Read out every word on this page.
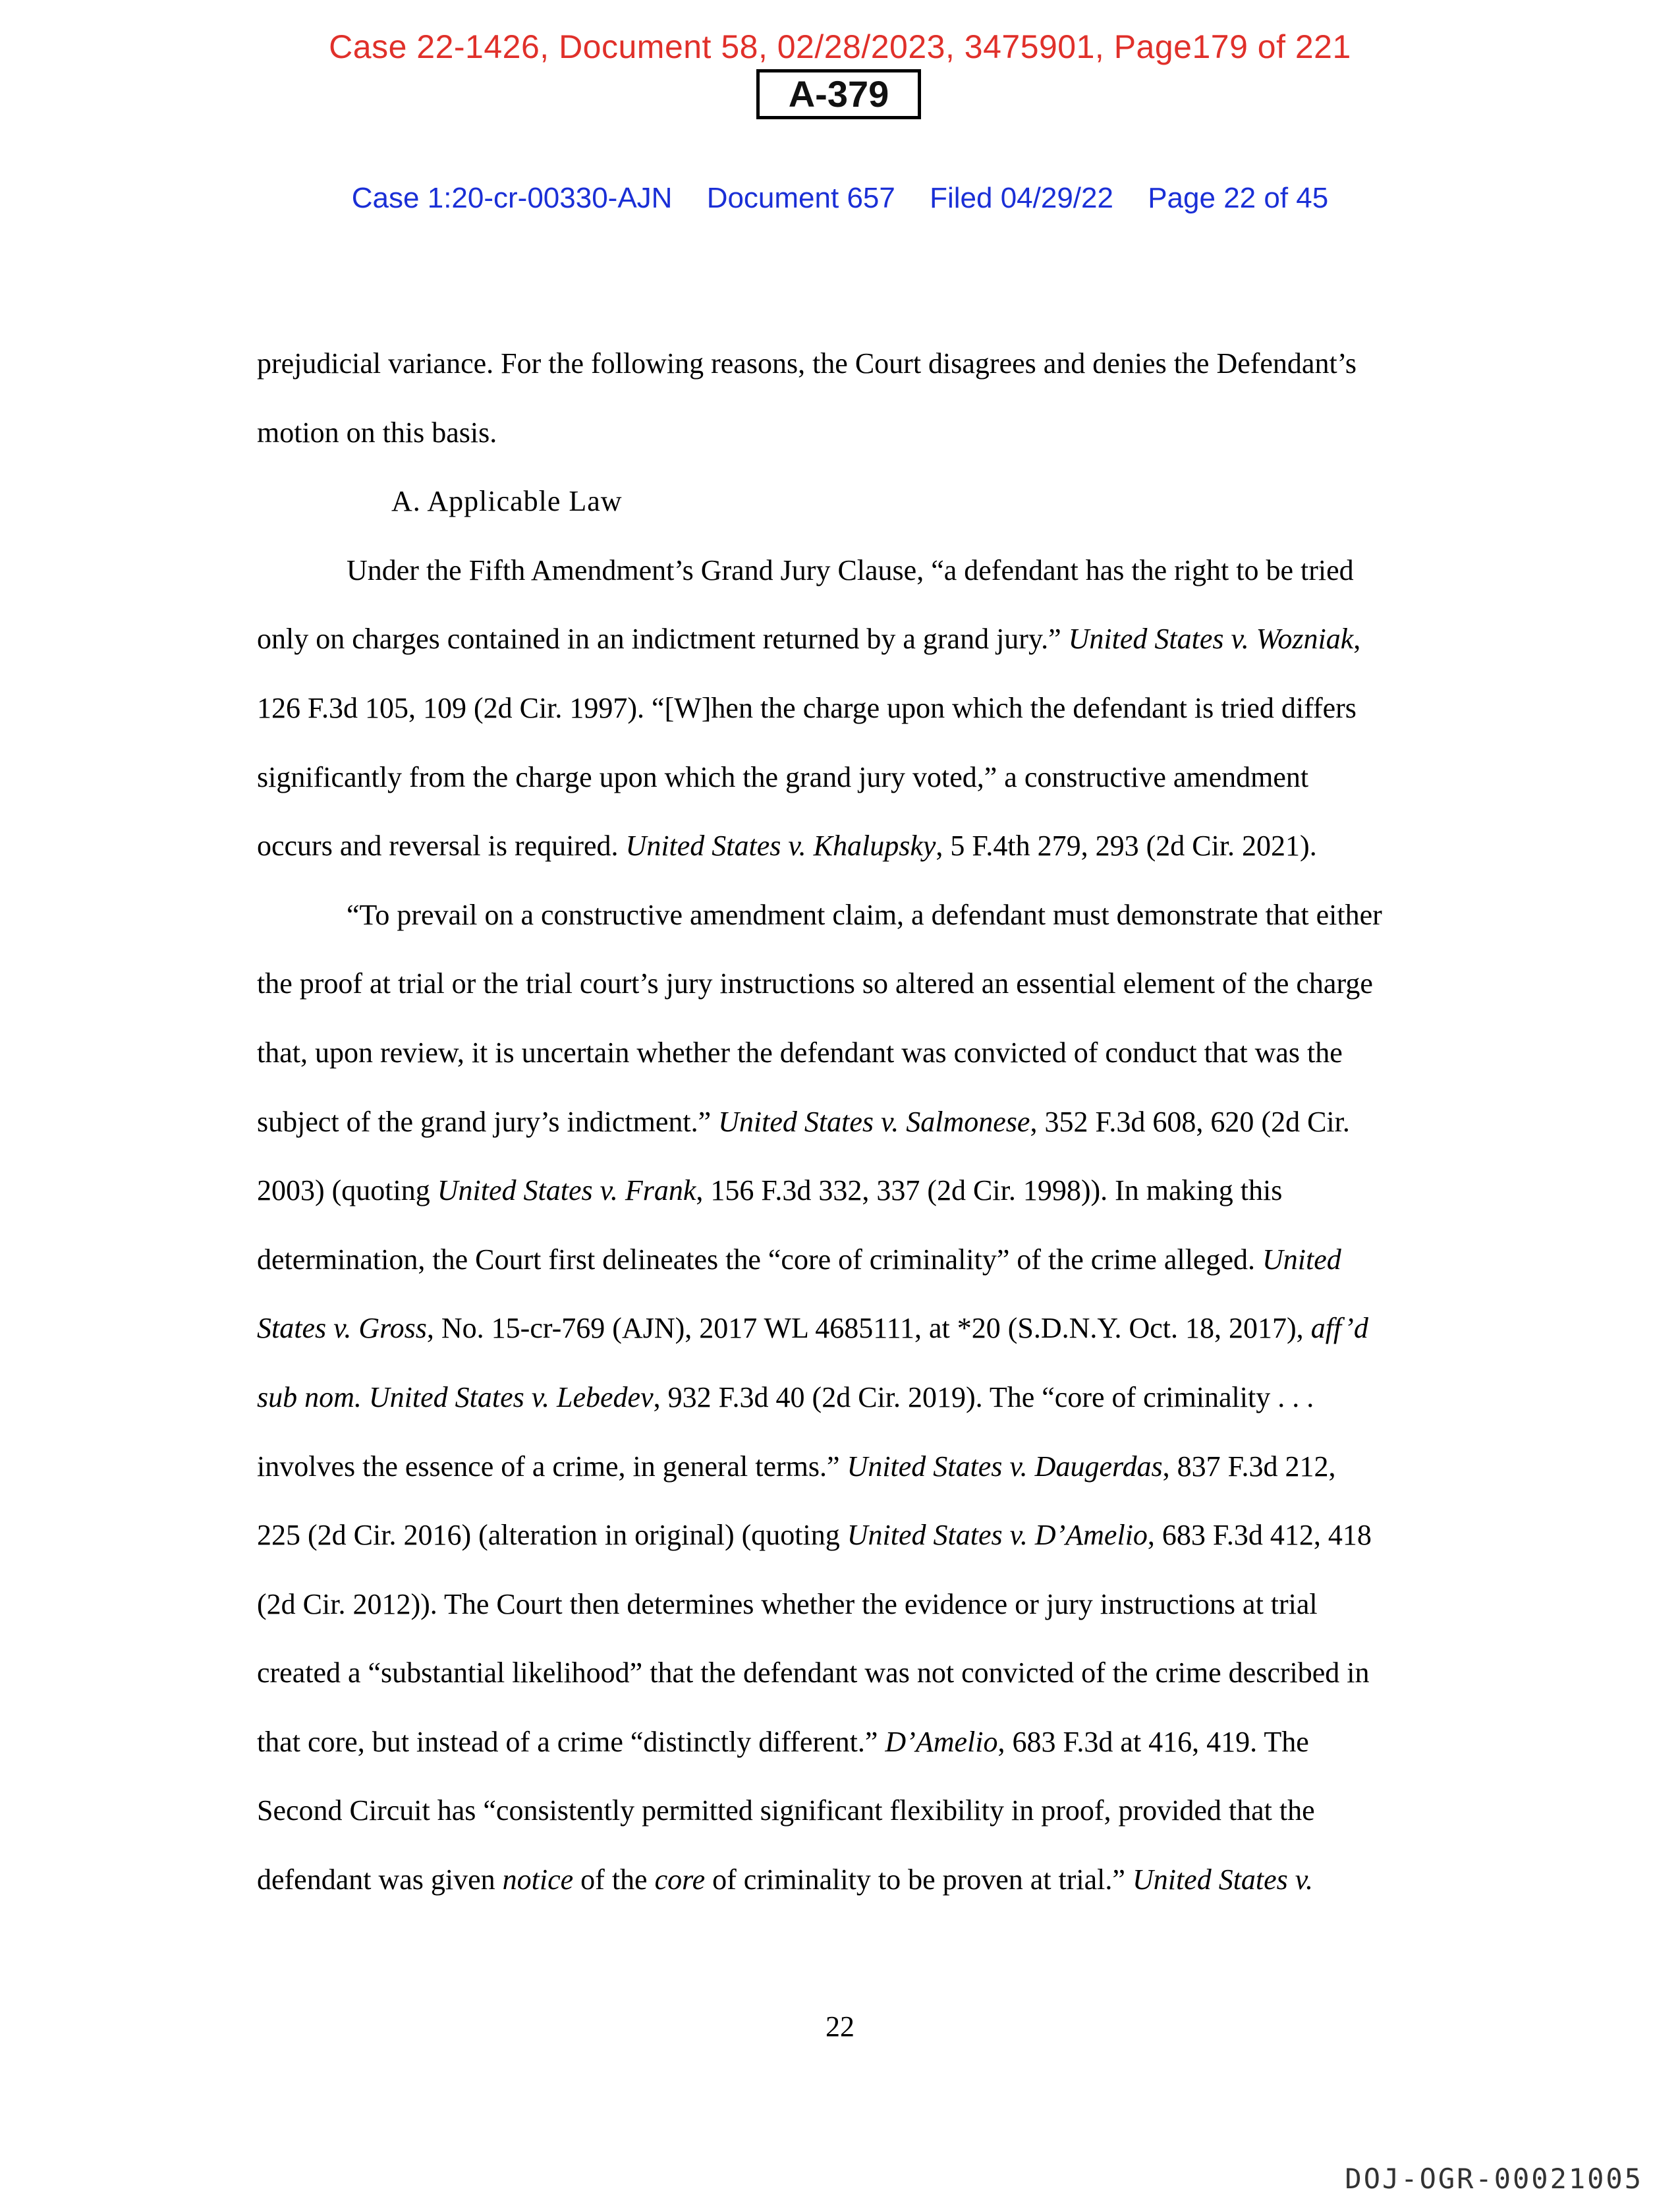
Case 22-1426, Document 58, 02/28/2023, 3475901, Page179 of 221
A-379
Case 1:20-cr-00330-AJN Document 657 Filed 04/29/22 Page 22 of 45
prejudicial variance. For the following reasons, the Court disagrees and denies the Defendant’s
motion on this basis.
A. Applicable Law
Under the Fifth Amendment’s Grand Jury Clause, “a defendant has the right to be tried
only on charges contained in an indictment returned by a grand jury.” United States v. Wozniak,
126 F.3d 105, 109 (2d Cir. 1997). “[W]hen the charge upon which the defendant is tried differs
significantly from the charge upon which the grand jury voted,” a constructive amendment
occurs and reversal is required. United States v. Khalupsky, 5 F.4th 279, 293 (2d Cir. 2021).
“To prevail on a constructive amendment claim, a defendant must demonstrate that either
the proof at trial or the trial court’s jury instructions so altered an essential element of the charge
that, upon review, it is uncertain whether the defendant was convicted of conduct that was the
subject of the grand jury’s indictment.” United States v. Salmonese, 352 F.3d 608, 620 (2d Cir.
2003) (quoting United States v. Frank, 156 F.3d 332, 337 (2d Cir. 1998)). In making this
determination, the Court first delineates the “core of criminality” of the crime alleged. United
States v. Gross, No. 15-cr-769 (AJN), 2017 WL 4685111, at *20 (S.D.N.Y. Oct. 18, 2017), aff’d
sub nom. United States v. Lebedev, 932 F.3d 40 (2d Cir. 2019). The “core of criminality . . .
involves the essence of a crime, in general terms.” United States v. Daugerdas, 837 F.3d 212,
225 (2d Cir. 2016) (alteration in original) (quoting United States v. D’Amelio, 683 F.3d 412, 418
(2d Cir. 2012)). The Court then determines whether the evidence or jury instructions at trial
created a “substantial likelihood” that the defendant was not convicted of the crime described in
that core, but instead of a crime “distinctly different.” D’Amelio, 683 F.3d at 416, 419. The
Second Circuit has “consistently permitted significant flexibility in proof, provided that the
defendant was given notice of the core of criminality to be proven at trial.” United States v.
22
DOJ-OGR-00021005
